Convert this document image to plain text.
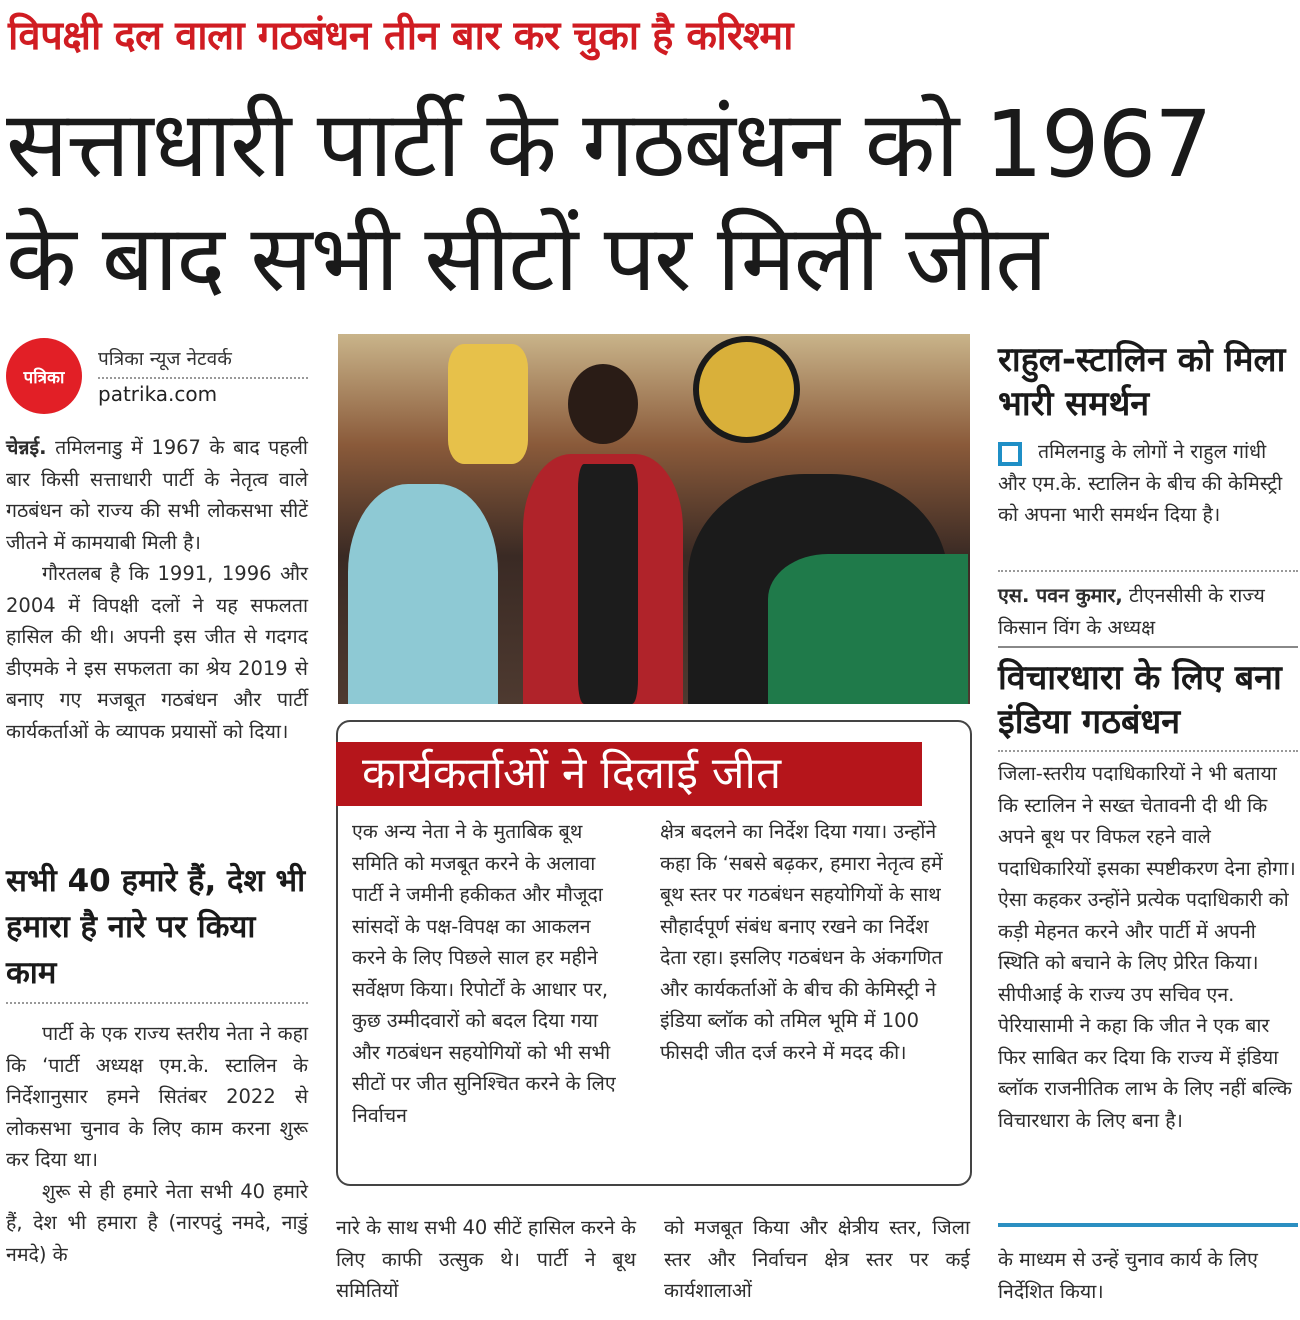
विपक्षी दल वाला गठबंधन तीन बार कर चुका है करिश्मा
सत्ताधारी पार्टी के गठबंधन को 1967
के बाद सभी सीटों पर मिली जीत
पत्रिका
पत्रिका न्यूज नेटवर्क
patrika.com

चेन्नई. तमिलनाडु में 1967 के बाद पहली बार किसी सत्ताधारी पार्टी के नेतृत्व वाले गठबंधन को राज्य की सभी लोकसभा सीटें जीतने में कामयाबी मिली है।

गौरतलब है कि 1991, 1996 और 2004 में विपक्षी दलों ने यह सफलता हासिल की थी। अपनी इस जीत से गदगद डीएमके ने इस सफलता का श्रेय 2019 से बनाए गए मजबूत गठबंधन और पार्टी कार्यकर्ताओं के व्यापक प्रयासों को दिया।

सभी 40 हमारे हैं, देश भी हमारा है नारे पर किया काम

पार्टी के एक राज्य स्तरीय नेता ने कहा कि ‘पार्टी अध्यक्ष एम.के. स्टालिन के निर्देशानुसार हमने सितंबर 2022 से लोकसभा चुनाव के लिए काम करना शुरू कर दिया था।

शुरू से ही हमारे नेता सभी 40 हमारे हैं, देश भी हमारा है (नारपदुं नमदे, नाडुं नमदे) के

कार्यकर्ताओं ने दिलाई जीत
एक अन्य नेता ने के मुताबिक बूथ समिति को मजबूत करने के अलावा पार्टी ने जमीनी हकीकत और मौजूदा सांसदों के पक्ष-विपक्ष का आकलन करने के लिए पिछले साल हर महीने सर्वेक्षण किया। रिपोर्टों के आधार पर, कुछ उम्मीदवारों को बदल दिया गया और गठबंधन सहयोगियों को भी सभी सीटों पर जीत सुनिश्चित करने के लिए निर्वाचन
क्षेत्र बदलने का निर्देश दिया गया। उन्होंने कहा कि ‘सबसे बढ़कर, हमारा नेतृत्व हमें बूथ स्तर पर गठबंधन सहयोगियों के साथ सौहार्दपूर्ण संबंध बनाए रखने का निर्देश देता रहा। इसलिए गठबंधन के अंकगणित और कार्यकर्ताओं के बीच की केमिस्ट्री ने इंडिया ब्लॉक को तमिल भूमि में 100 फीसदी जीत दर्ज करने में मदद की।
नारे के साथ सभी 40 सीटें हासिल करने के लिए काफी उत्सुक थे। पार्टी ने बूथ समितियों
को मजबूत किया और क्षेत्रीय स्तर, जिला स्तर और निर्वाचन क्षेत्र स्तर पर कई कार्यशालाओं
राहुल-स्टालिन को मिला भारी समर्थन
तमिलनाडु के लोगों ने राहुल गांधी और एम.के. स्टालिन के बीच की केमिस्ट्री को अपना भारी समर्थन दिया है।
एस. पवन कुमार, टीएनसीसी के राज्य किसान विंग के अध्यक्ष
विचारधारा के लिए बना इंडिया गठबंधन
जिला-स्तरीय पदाधिकारियों ने भी बताया कि स्टालिन ने सख्त चेतावनी दी थी कि अपने बूथ पर विफल रहने वाले पदाधिकारियों इसका स्पष्टीकरण देना होगा। ऐसा कहकर उन्होंने प्रत्येक पदाधिकारी को कड़ी मेहनत करने और पार्टी में अपनी स्थिति को बचाने के लिए प्रेरित किया। सीपीआई के राज्य उप सचिव एन. पेरियासामी ने कहा कि जीत ने एक बार फिर साबित कर दिया कि राज्य में इंडिया ब्लॉक राजनीतिक लाभ के लिए नहीं बल्कि विचारधारा के लिए बना है।
के माध्यम से उन्हें चुनाव कार्य के लिए निर्देशित किया।
